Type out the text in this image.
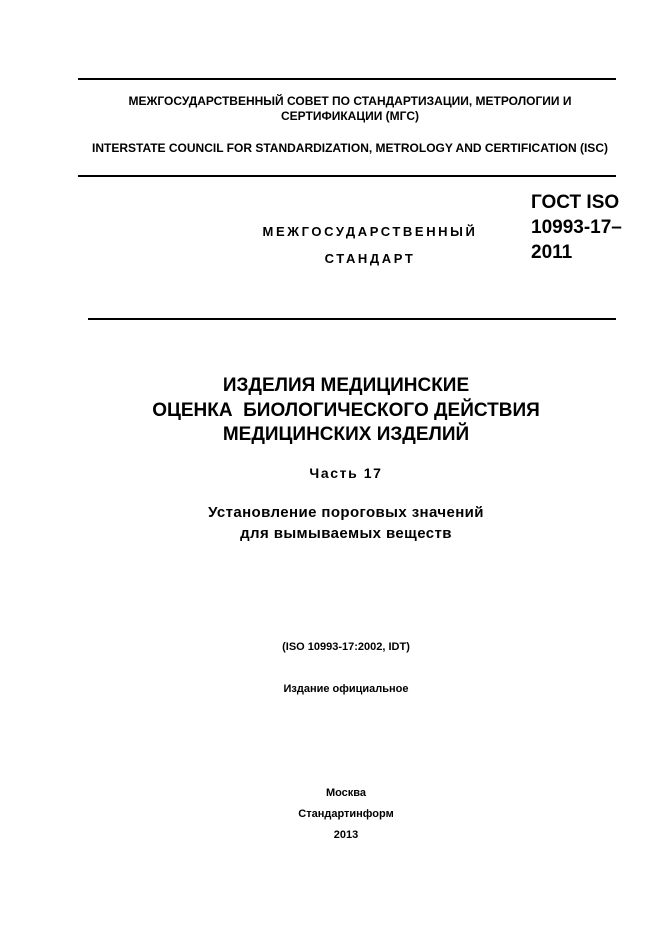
МЕЖГОСУДАРСТВЕННЫЙ СОВЕТ ПО СТАНДАРТИЗАЦИИ, МЕТРОЛОГИИ И СЕРТИФИКАЦИИ (МГС)
INTERSTATE COUNCIL FOR STANDARDIZATION, METROLOGY AND CERTIFICATION (ISC)
МЕЖГОСУДАРСТВЕННЫЙ
СТАНДАРТ
ГОСТ ISO
10993-17–
2011
ИЗДЕЛИЯ МЕДИЦИНСКИЕ
ОЦЕНКА  БИОЛОГИЧЕСКОГО ДЕЙСТВИЯ
МЕДИЦИНСКИХ ИЗДЕЛИЙ
Часть 17
Установление пороговых значений
для вымываемых веществ
(ISO 10993-17:2002, IDT)
Издание официальное
Москва
Стандартинформ
2013
